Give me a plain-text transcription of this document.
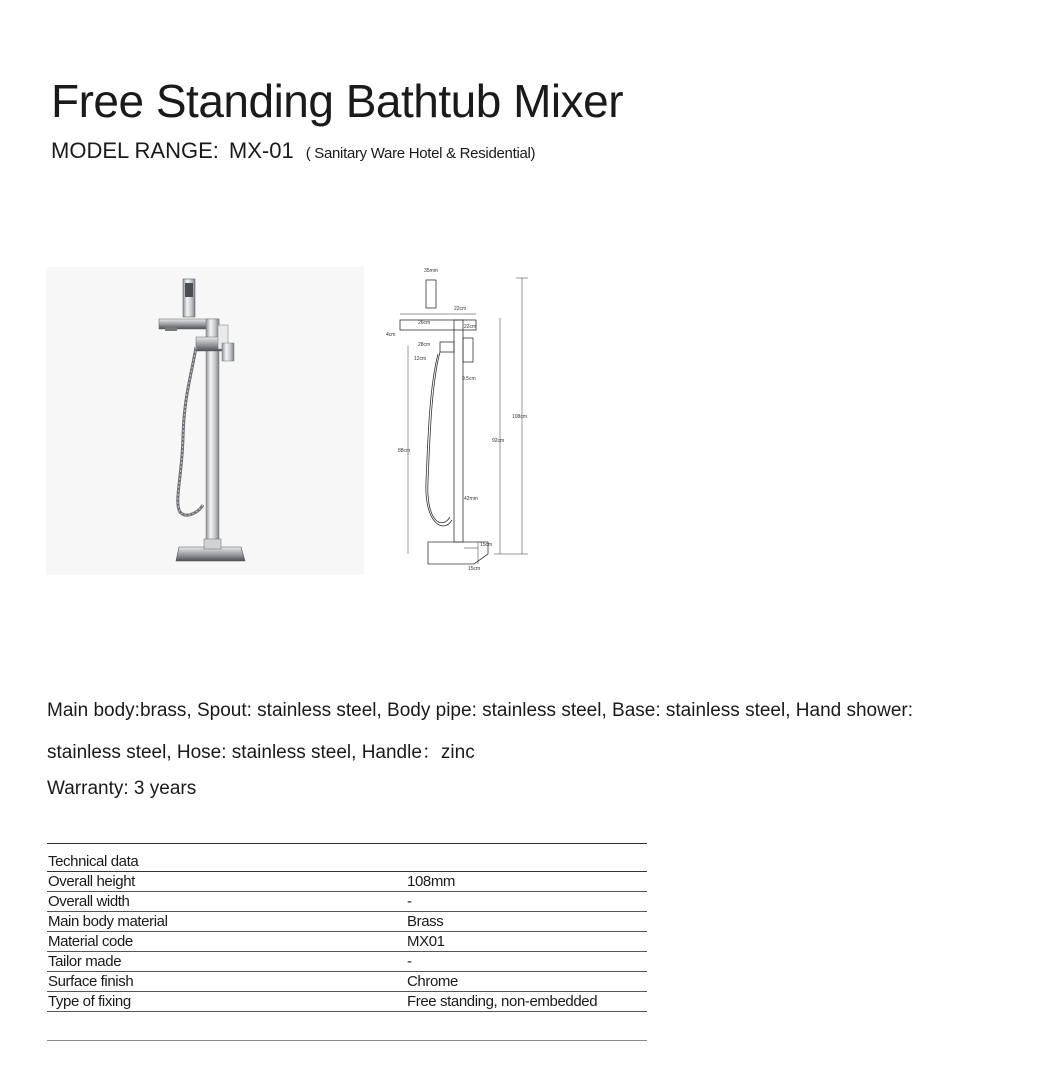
Free Standing Bathtub Mixer
MODEL RANGE: MX-01 ( Sanitary Ware Hotel & Residential)
35mm
22cm
26cm
22cm
4cm
12cm
28cm
9.5cm
108cm
92cm
88cm
42mm
15cm
15cm

Main body:brass, Spout: stainless steel, Body pipe: stainless steel, Base: stainless steel, Hand shower:

stainless steel, Hose: stainless steel, Handle：zinc

Warranty: 3 years
Technical data	
Overall height	108mm
Overall width	-
Main body material	Brass
Material code	MX01
Tailor made	-
Surface finish	Chrome
Type of fixing	Free standing, non-embedded
